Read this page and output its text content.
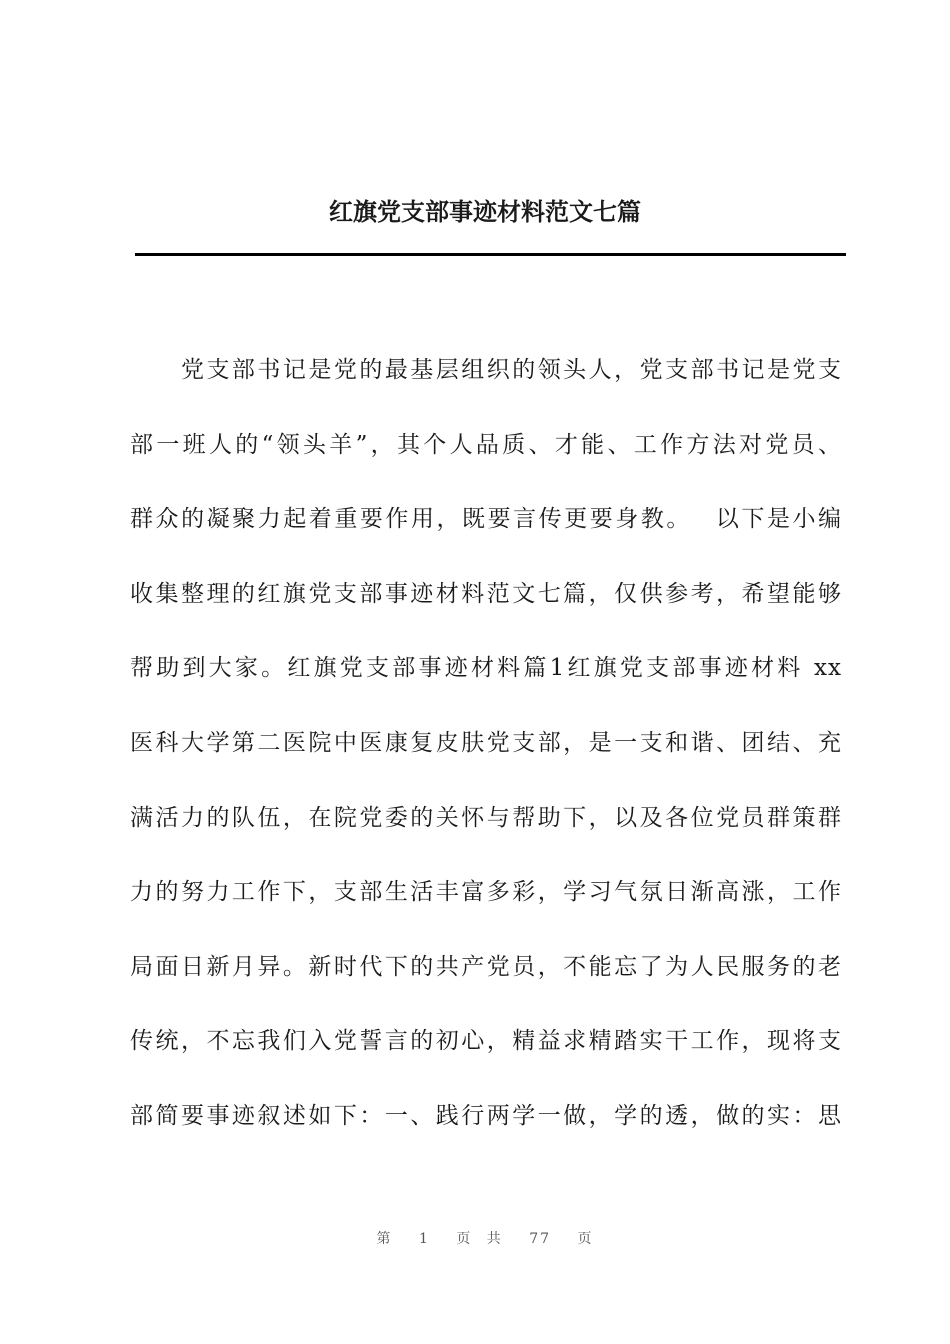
红旗党支部事迹材料范文七篇
　　党支部书记是党的最基层组织的领头人，党支部书记是党支
部一班人的“领头羊”，其个人品质、才能、工作方法对党员、
群众的凝聚力起着重要作用，既要言传更要身教。　 以下是小编
收集整理的红旗党支部事迹材料范文七篇，仅供参考，希望能够
帮助到大家。红旗党支部事迹材料篇1红旗党支部事迹材料 xx
医科大学第二医院中医康复皮肤党支部，是一支和谐、团结、充
满活力的队伍，在院党委的关怀与帮助下，以及各位党员群策群
力的努力工作下，支部生活丰富多彩，学习气氛日渐高涨，工作
局面日新月异。新时代下的共产党员，不能忘了为人民服务的老
传统，不忘我们入党誓言的初心，精益求精踏实干工作，现将支
部简要事迹叙述如下：一、践行两学一做，学的透，做的实：思
第 1 页 共 77 页
